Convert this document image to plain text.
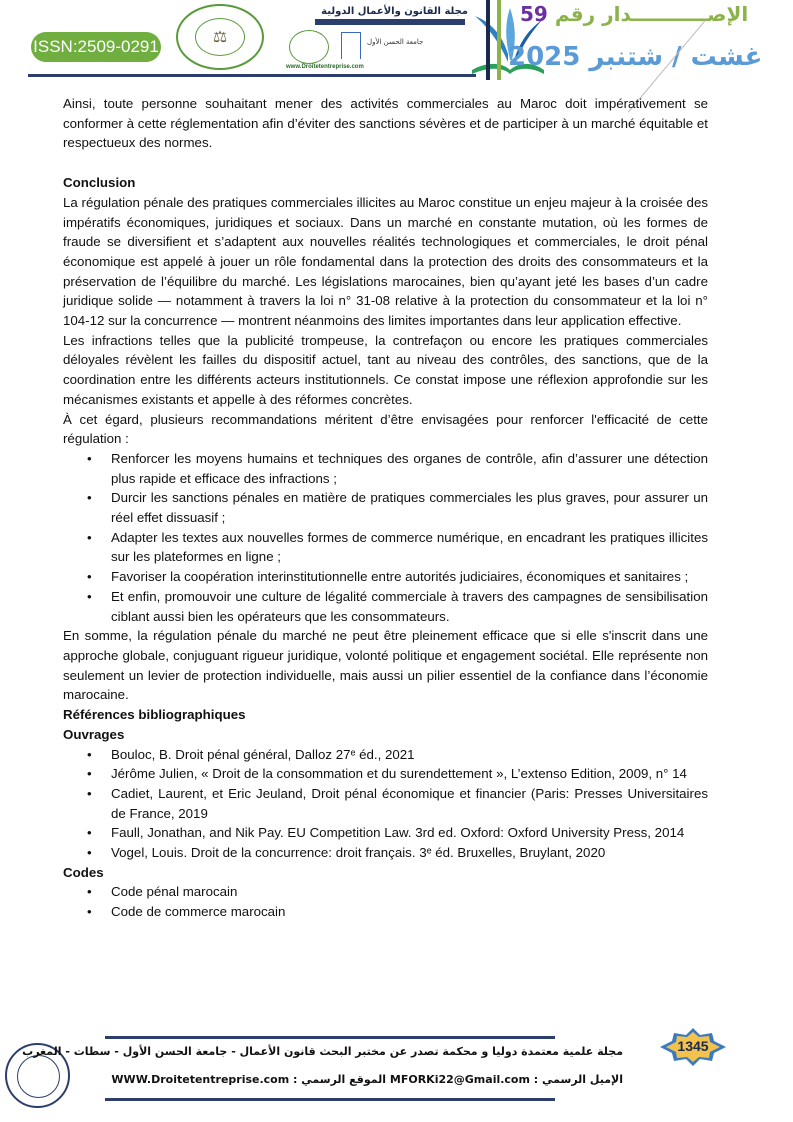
ISSN:2509-0291	⚖
مجلة القانون والأعمال الدولية
جامعة الحسن الأول
www.Droitetentreprise.com
الإصـــــــــــدار رقم 59
غشت / شتنبر 2025

Ainsi, toute personne souhaitant mener des activités commerciales au Maroc doit impérativement se conformer à cette réglementation afin d’éviter des sanctions sévères et de participer à un marché équitable et respectueux des normes.

Conclusion

La régulation pénale des pratiques commerciales illicites au Maroc constitue un enjeu majeur à la croisée des impératifs économiques, juridiques et sociaux. Dans un marché en constante mutation, où les formes de fraude se diversifient et s’adaptent aux nouvelles réalités technologiques et commerciales, le droit pénal économique est appelé à jouer un rôle fondamental dans la protection des droits des consommateurs et la préservation de l’équilibre du marché. Les législations marocaines, bien qu’ayant jeté les bases d’un cadre juridique solide — notamment à travers la loi n° 31-08 relative à la protection du consommateur et la loi n° 104-12 sur la concurrence — montrent néanmoins des limites importantes dans leur application effective.

Les infractions telles que la publicité trompeuse, la contrefaçon ou encore les pratiques commerciales déloyales révèlent les failles du dispositif actuel, tant au niveau des contrôles, des sanctions, que de la coordination entre les différents acteurs institutionnels. Ce constat impose une réflexion approfondie sur les mécanismes existants et appelle à des réformes concrètes.

À cet égard, plusieurs recommandations méritent d’être envisagées pour renforcer l'efficacité de cette régulation :

• Renforcer les moyens humains et techniques des organes de contrôle, afin d’assurer une détection plus rapide et efficace des infractions ;
• Durcir les sanctions pénales en matière de pratiques commerciales les plus graves, pour assurer un réel effet dissuasif ;
• Adapter les textes aux nouvelles formes de commerce numérique, en encadrant les pratiques illicites sur les plateformes en ligne ;
• Favoriser la coopération interinstitutionnelle entre autorités judiciaires, économiques et sanitaires ;
• Et enfin, promouvoir une culture de légalité commerciale à travers des campagnes de sensibilisation ciblant aussi bien les opérateurs que les consommateurs.

En somme, la régulation pénale du marché ne peut être pleinement efficace que si elle s'inscrit dans une approche globale, conjuguant rigueur juridique, volonté politique et engagement sociétal. Elle représente non seulement un levier de protection individuelle, mais aussi un pilier essentiel de la confiance dans l’économie marocaine.

Références bibliographiques

Ouvrages

• Bouloc, B. Droit pénal général, Dalloz 27ᵉ éd., 2021
• Jérôme Julien, « Droit de la consommation et du surendettement », L’extenso Edition, 2009, n° 14
• Cadiet, Laurent, et Eric Jeuland, Droit pénal économique et financier (Paris: Presses Universitaires de France, 2019
• Faull, Jonathan, and Nik Pay. EU Competition Law. 3rd ed. Oxford: Oxford University Press, 2014
• Vogel, Louis. Droit de la concurrence: droit français. 3ᵉ éd. Bruxelles, Bruylant, 2020

Codes

• Code pénal marocain
• Code de commerce marocain
مجلة علمية معتمدة دوليا و محكمة تصدر عن مختبر البحث قانون الأعمال - جامعة الحسن الأول - سطات - المغرب
WWW.Droitetentreprise.com : الموقع الرسمي MFORKi22@Gmail.com : الإميل الرسمي
1345
